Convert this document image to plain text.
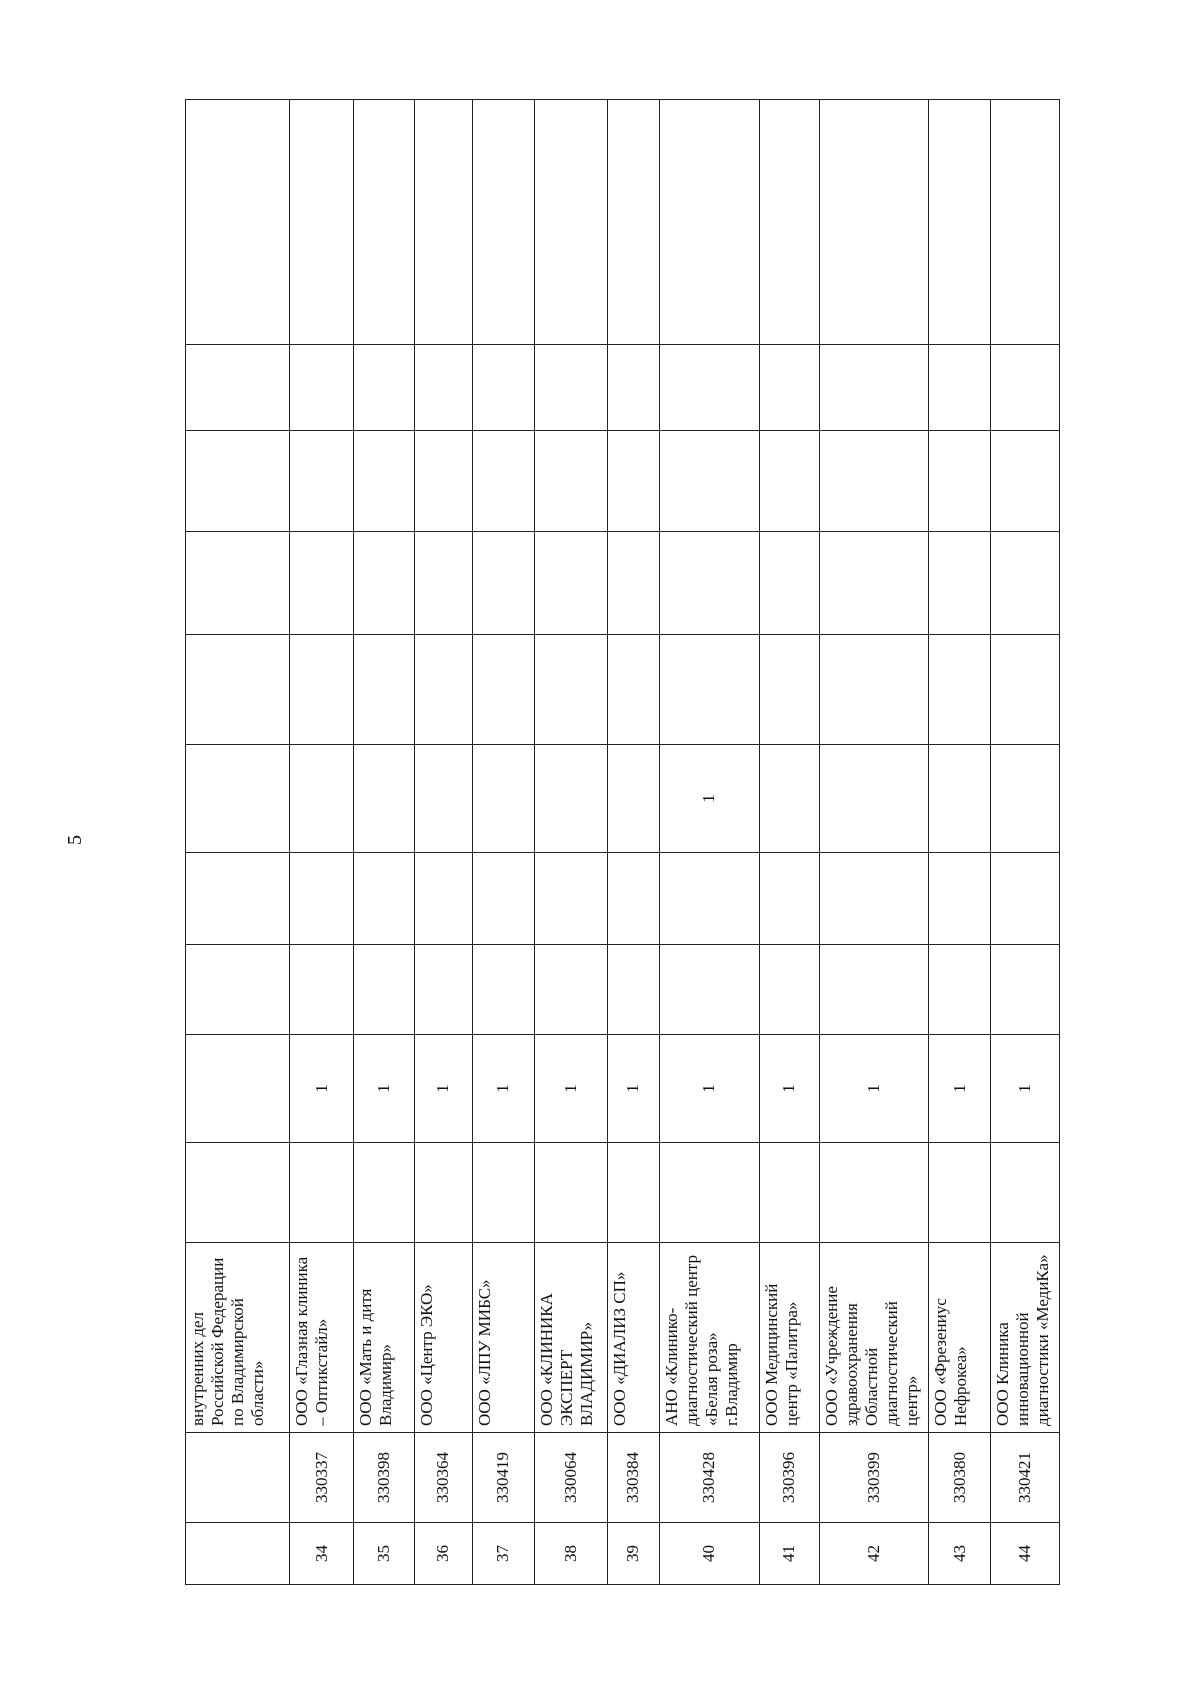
5
		внутренних дел Российской Федерации по Владимирской области»										
34	330337	ООО «Глазная клиника – Оптикстайл»		1								
35	330398	ООО «Мать и дитя Владимир»		1								
36	330364	ООО «Центр ЭКО»		1								
37	330419	ООО «ЛПУ МИБС»		1								
38	330064	ООО «КЛИНИКА ЭКСПЕРТ ВЛАДИМИР»		1								
39	330384	ООО «ДИАЛИЗ СП»		1								
40	330428	АНО «Клинико-диагностический центр «Белая роза» г.Владимир		1			1					
41	330396	ООО Медицинский центр «Палитра»		1								
42	330399	ООО «Учреждение здравоохранения Областной диагностический центр»		1								
43	330380	ООО «Фрезениус Нефрокеа»		1								
44	330421	ООО Клиника инновационной диагностики «МедиКа»		1								
